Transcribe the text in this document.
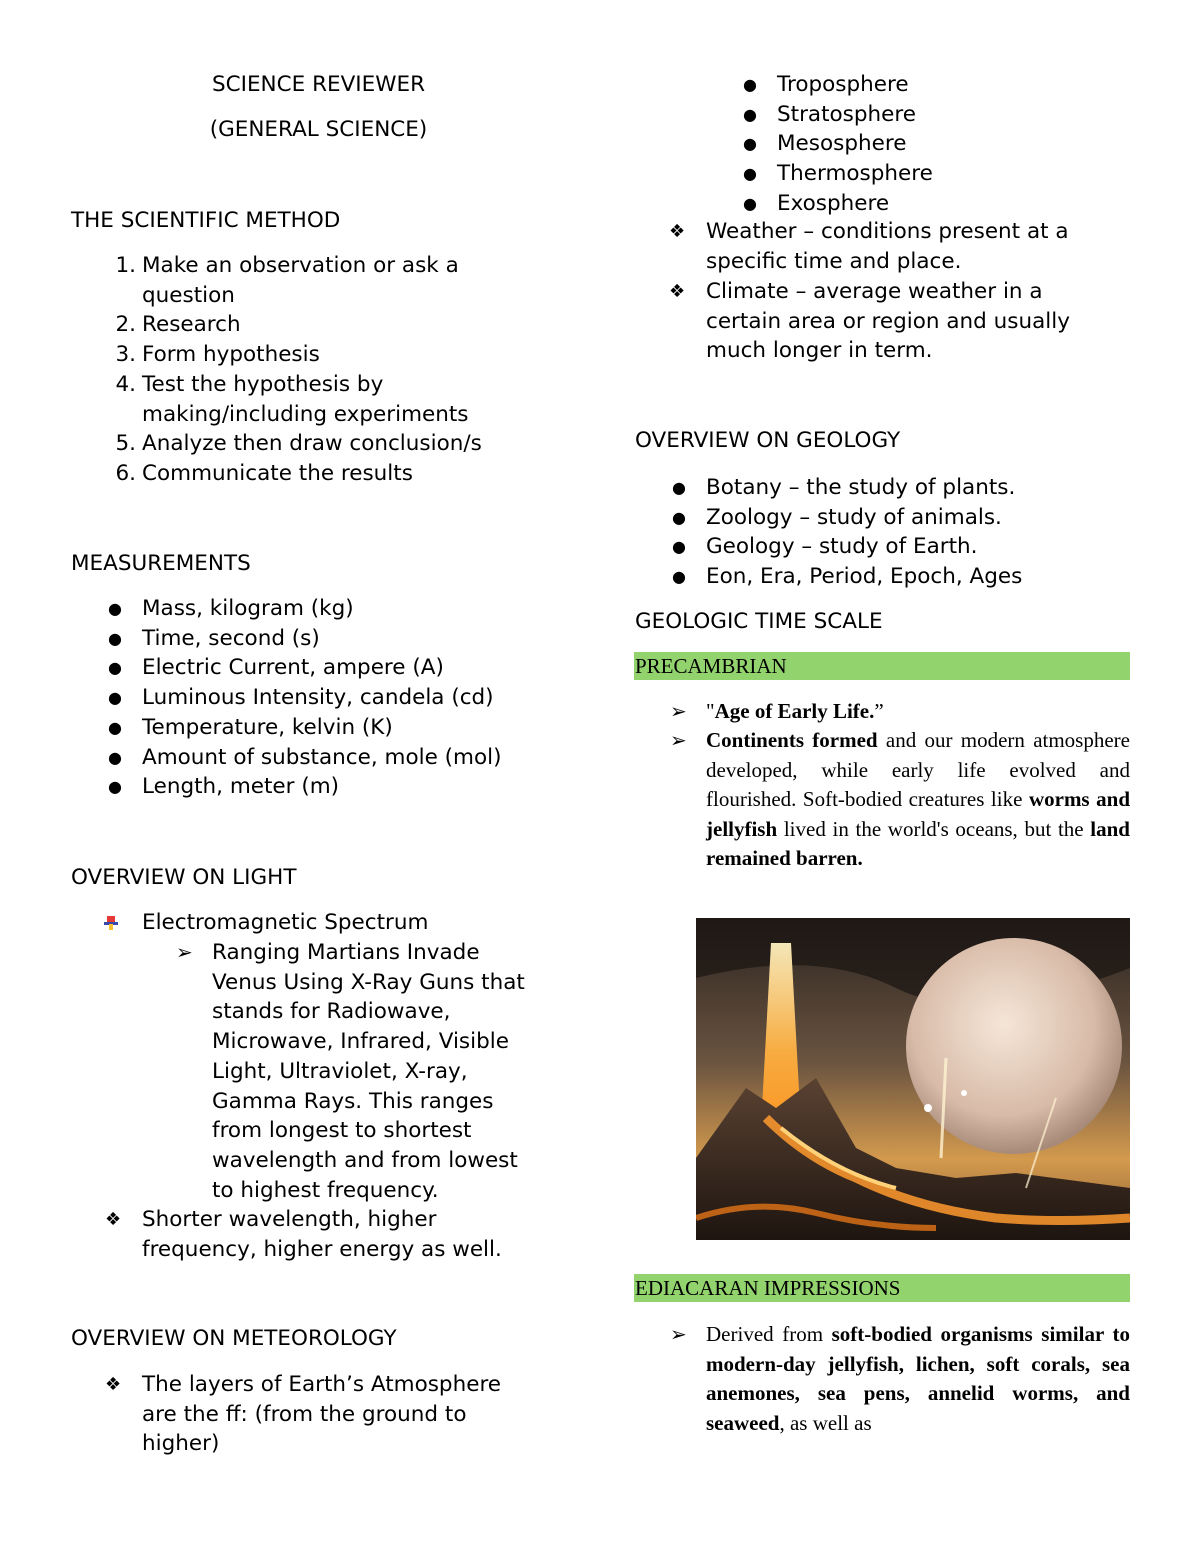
SCIENCE REVIEWER
(GENERAL SCIENCE)
THE SCIENTIFIC METHOD
1. Make an observation or ask a
question
2. Research
3. Form hypothesis
4. Test the hypothesis by
making/including experiments
5. Analyze then draw conclusion/s
6. Communicate the results
MEASUREMENTS
● Mass, kilogram (kg)
● Time, second (s)
● Electric Current, ampere (A)
● Luminous Intensity, candela (cd)
● Temperature, kelvin (K)
● Amount of substance, mole (mol)
● Length, meter (m)
OVERVIEW ON LIGHT
Electromagnetic Spectrum
➢ Ranging Martians Invade
Venus Using X-Ray Guns that
stands for Radiowave,
Microwave, Infrared, Visible
Light, Ultraviolet, X-ray,
Gamma Rays. This ranges
from longest to shortest
wavelength and from lowest
to highest frequency.
❖ Shorter wavelength, higher
frequency, higher energy as well.
OVERVIEW ON METEOROLOGY
❖ The layers of Earth’s Atmosphere
are the ff: (from the ground to
higher)
● Troposphere
● Stratosphere
● Mesosphere
● Thermosphere
● Exosphere
❖ Weather – conditions present at a
specific time and place.
❖ Climate – average weather in a
certain area or region and usually
much longer in term.
OVERVIEW ON GEOLOGY
● Botany – the study of plants.
● Zoology – study of animals.
● Geology – study of Earth.
● Eon, Era, Period, Epoch, Ages
GEOLOGIC TIME SCALE
PRECAMBRIAN
➢ "Age of Early Life.”
➢ Continents formed and our modern atmosphere developed, while early life evolved and flourished. Soft-bodied creatures like worms and jellyfish lived in the world's oceans, but the land remained barren.
EDIACARAN IMPRESSIONS
➢ Derived from soft-bodied organisms similar to modern-day jellyfish, lichen, soft corals, sea anemones, sea pens, annelid worms, and seaweed, as well as
